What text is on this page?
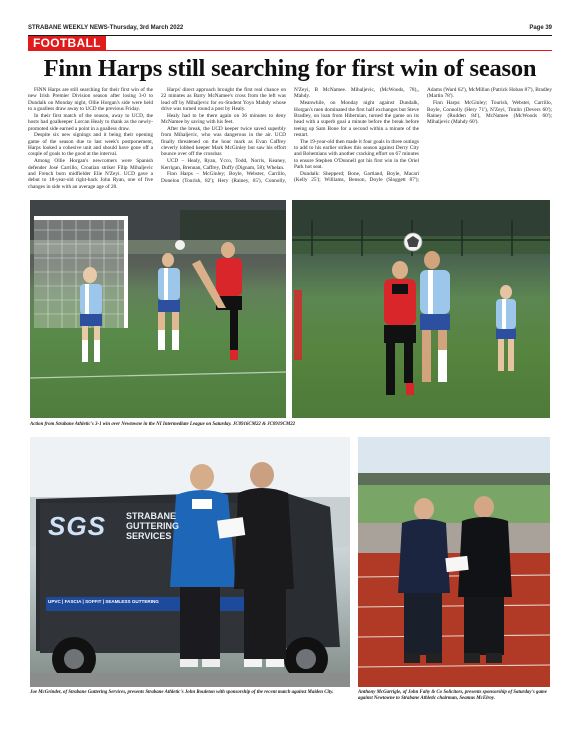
STRABANE WEEKLY NEWS-Thursday, 3rd March 2022	Page 39
FOOTBALL
Finn Harps still searching for first win of season

FINN Harps are still searching for their first win of the new Irish Premier Division season after losing 3-0 to Dundalk on Monday night, Ollie Horgan's side were held to a goalless draw away to UCD the previous Friday.

In their first match of the season, away to UCD, the hosts had goalkeeper Lorcan Healy to thank as the newly-promoted side earned a point in a goalless draw.

Despite six new signings and it being their opening game of the season due to last week's postponement, Harps looked a cohesive unit and should have gone off a couple of goals to the good at the interval.

Among Ollie Horgan's newcomers were Spanish defender José Carrillo, Croatian striker Filip Mihaljevic and French born midfielder Elie N'Zeyi. UCD gave a debut to 18-year-old right-back John Ryan, one of five changes in side with an average age of 20.

Harps' direct approach brought the first real chance on 22 minutes as Barry McNamee's cross from the left was lead off by Mihaljevic for ex-Student Yoyo Mahdy whose drive was turned round a post by Healy.

Healy had to be there again on 36 minutes to deny McNamee by saving with his feet.

After the break, the UCD keeper twice saved superbly from Mihaljevic, who was dangerous in the air. UCD finally threatened on the hour mark as Evan Caffrey cleverly lobbed keeper Mark McGinley but saw his effort bounce over off the crossbar.

UCD – Healy, Ryan, Ycco, Todd, Norris, Keaney, Kerrigan, Brennan, Caffrey, Duffy (Dignam, 58); Whelan.

Finn Harps – McGinley; Boyle, Webster, Carrillo, Donelon (Tourish, 82'); Hery (Rainey, 65'), Connolly, N'Zeyi, B McNamee. Mihaljevic, (McWoods, 78),, Mahdy.

Meanwhile, on Monday night against Dundalk, Horgan's men dominated the first half exchanges but Steve Bradley, on loan from Hibernian, turned the game on its head with a superb goal a minute before the break before teeing up Sam Bone for a second within a minute of the restart.

The 19-year-old then made it four goals in three outings to add to his earlier strikes this season against Derry City and Bohemians with another cracking effort on 67 minutes to ensure Stephen O'Donnell got his first win in the Oriel Park hot seat.

Dundalk: Shepperd; Bone, Gartland, Boyle, Macari (Kelly 25'); Williams, Benson, Doyle (Sloggett 87'); Adams (Ward 62'), McMillan (Patrick Hoban 87'), Bradley (Martin 78').

Finn Harps: McGinley; Tourish, Webster, Carrillo, Boyle, Connolly (Hery 71'), N'Zeyi, Timlin (Devers 60'); Rainey (Rudden 84'), McNamee (McWoods 60'); Mihaljevic (Mahdy 60').

Action from Strabane Athletic's 3-1 win over Newtowne in the NI Intermediate League on Saturday. JC0916CM22 & JC0919CM22
SGS STRABANE
GUTTERING
SERVICES
UPVC | FASCIA | SOFFIT | SEAMLESS GUTTERING
Joe McGrinder, of Strabane Guttering Services, presents Strabane Athletic's John Rouleton with sponsorship of the recent match against Maiden City.	Anthony McGarrigle, of John Fahy & Co Solicitors, presents sponsorship of Saturday's game against Newtowne to Strabane Athletic chairman, Seamus McElroy.
